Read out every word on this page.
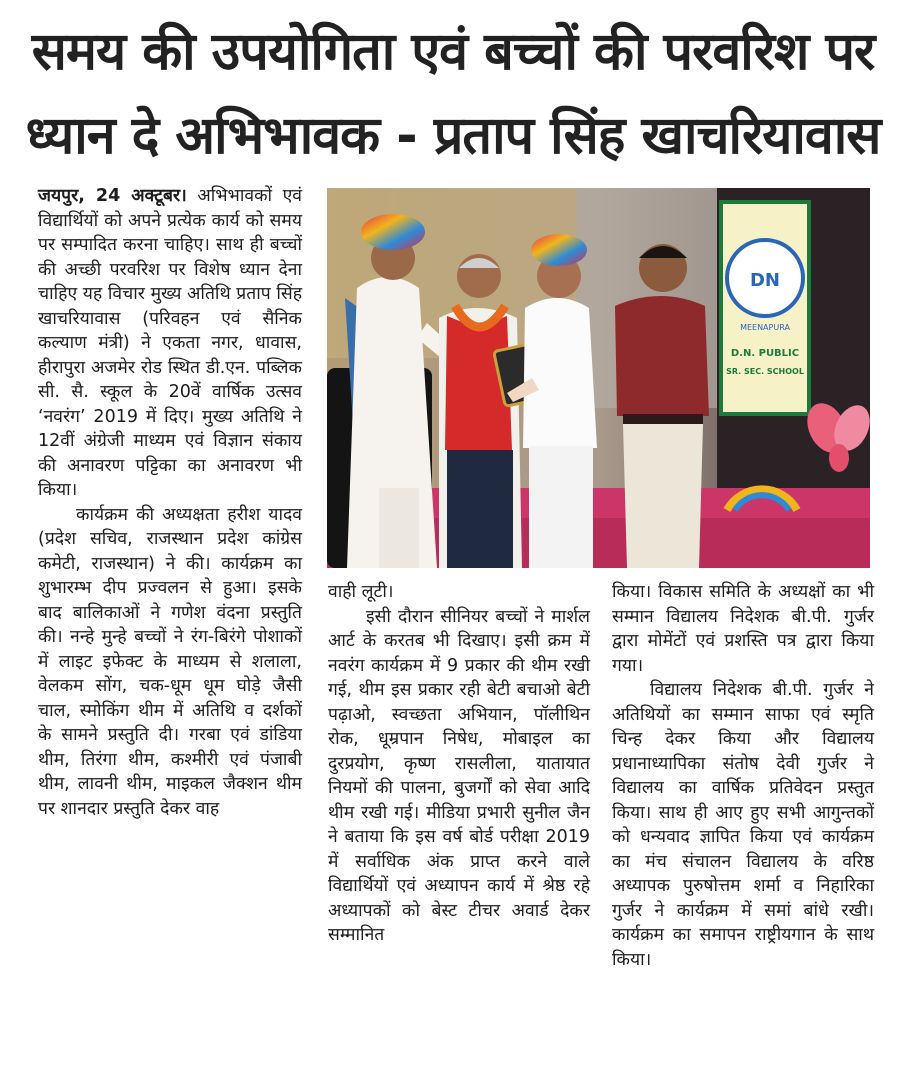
समय की उपयोगिता एवं बच्चों की परवरिश पर
ध्यान दे अभिभावक - प्रताप सिंह खाचरियावास

जयपुर, 24 अक्टूबर। अभिभावकों एवं विद्यार्थियों को अपने प्रत्येक कार्य को समय पर सम्पादित करना चाहिए। साथ ही बच्चों की अच्छी परवरिश पर विशेष ध्यान देना चाहिए यह विचार मुख्य अतिथि प्रताप सिंह खाचरियावास (परिवहन एवं सैनिक कल्याण मंत्री) ने एकता नगर, धावास, हीरापुरा अजमेर रोड स्थित डी.एन. पब्लिक सी. सै. स्कूल के 20वें वार्षिक उत्सव ‘नवरंग’ 2019 में दिए। मुख्य अतिथि ने 12वीं अंग्रेजी माध्यम एवं विज्ञान संकाय की अनावरण पट्टिका का अनावरण भी किया।

कार्यक्रम की अध्यक्षता हरीश यादव (प्रदेश सचिव, राजस्थान प्रदेश कांग्रेस कमेटी, राजस्थान) ने की। कार्यक्रम का शुभारम्भ दीप प्रज्वलन से हुआ। इसके बाद बालिकाओं ने गणेश वंदना प्रस्तुति की। नन्हे मुन्हे बच्चों ने रंग-बिरंगे पोशाकों में लाइट इफेक्ट के माध्यम से शलाला, वेलकम सोंग, चक-धूम धूम घोड़े जैसी चाल, स्मोकिंग थीम में अतिथि व दर्शकों के सामने प्रस्तुति दी। गरबा एवं डांडिया थीम, तिरंगा थीम, कश्मीरी एवं पंजाबी थीम, लावनी थीम, माइकल जैक्शन थीम पर शानदार प्रस्तुति देकर वाह

DN
MEENAPURA
D.N. PUBLIC
SR. SEC. SCHOOL

वाही लूटी।

इसी दौरान सीनियर बच्चों ने मार्शल आर्ट के करतब भी दिखाए। इसी क्रम में नवरंग कार्यक्रम में 9 प्रकार की थीम रखी गई, थीम इस प्रकार रही बेटी बचाओ बेटी पढ़ाओ, स्वच्छता अभियान, पॉलीथिन रोक, धूम्रपान निषेध, मोबाइल का दुरप्रयोग, कृष्ण रासलीला, यातायात नियमों की पालना, बुजर्गों को सेवा आदि थीम रखी गई। मीडिया प्रभारी सुनील जैन ने बताया कि इस वर्ष बोर्ड परीक्षा 2019 में सर्वाधिक अंक प्राप्त करने वाले विद्यार्थियों एवं अध्यापन कार्य में श्रेष्ठ रहे अध्यापकों को बेस्ट टीचर अवार्ड देकर सम्मानित

किया। विकास समिति के अध्यक्षों का भी सम्मान विद्यालय निदेशक बी.पी. गुर्जर द्वारा मोमेंटों एवं प्रशस्ति पत्र द्वारा किया गया।

विद्यालय निदेशक बी.पी. गुर्जर ने अतिथियों का सम्मान साफा एवं स्मृति चिन्ह देकर किया और विद्यालय प्रधानाध्यापिका संतोष देवी गुर्जर ने विद्यालय का वार्षिक प्रतिवेदन प्रस्तुत किया। साथ ही आए हुए सभी आगुन्तकों को धन्यवाद ज्ञापित किया एवं कार्यक्रम का मंच संचालन विद्यालय के वरिष्ठ अध्यापक पुरुषोत्तम शर्मा व निहारिका गुर्जर ने कार्यक्रम में समां बांधे रखी। कार्यक्रम का समापन राष्ट्रीयगान के साथ किया।
